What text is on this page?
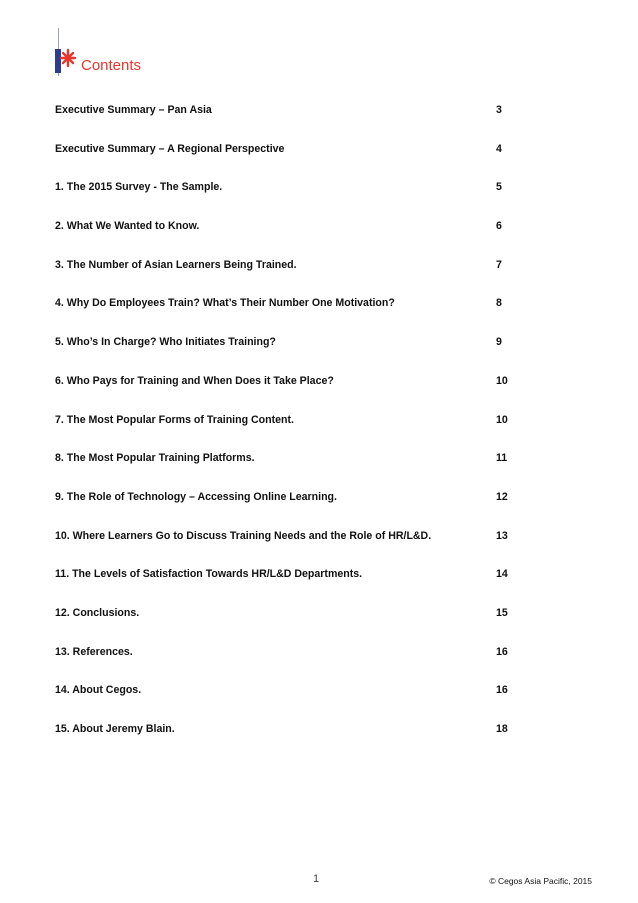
Contents
Executive Summary – Pan Asia	3
Executive Summary – A Regional Perspective	4
1. The 2015 Survey - The Sample.	5
2. What We Wanted to Know.	6
3. The Number of Asian Learners Being Trained.	7
4. Why Do Employees Train? What’s Their Number One Motivation?	8
5. Who’s In Charge? Who Initiates Training?	9
6. Who Pays for Training and When Does it Take Place?	10
7. The Most Popular Forms of Training Content.	10
8. The Most Popular Training Platforms.	11
9. The Role of Technology – Accessing Online Learning.	12
10. Where Learners Go to Discuss Training Needs and the Role of HR/L&D.	13
11. The Levels of Satisfaction Towards HR/L&D Departments.	14
12. Conclusions.	15
13. References.	16
14. About Cegos.	16
15. About Jeremy Blain.	18
1	© Cegos Asia Pacific, 2015
